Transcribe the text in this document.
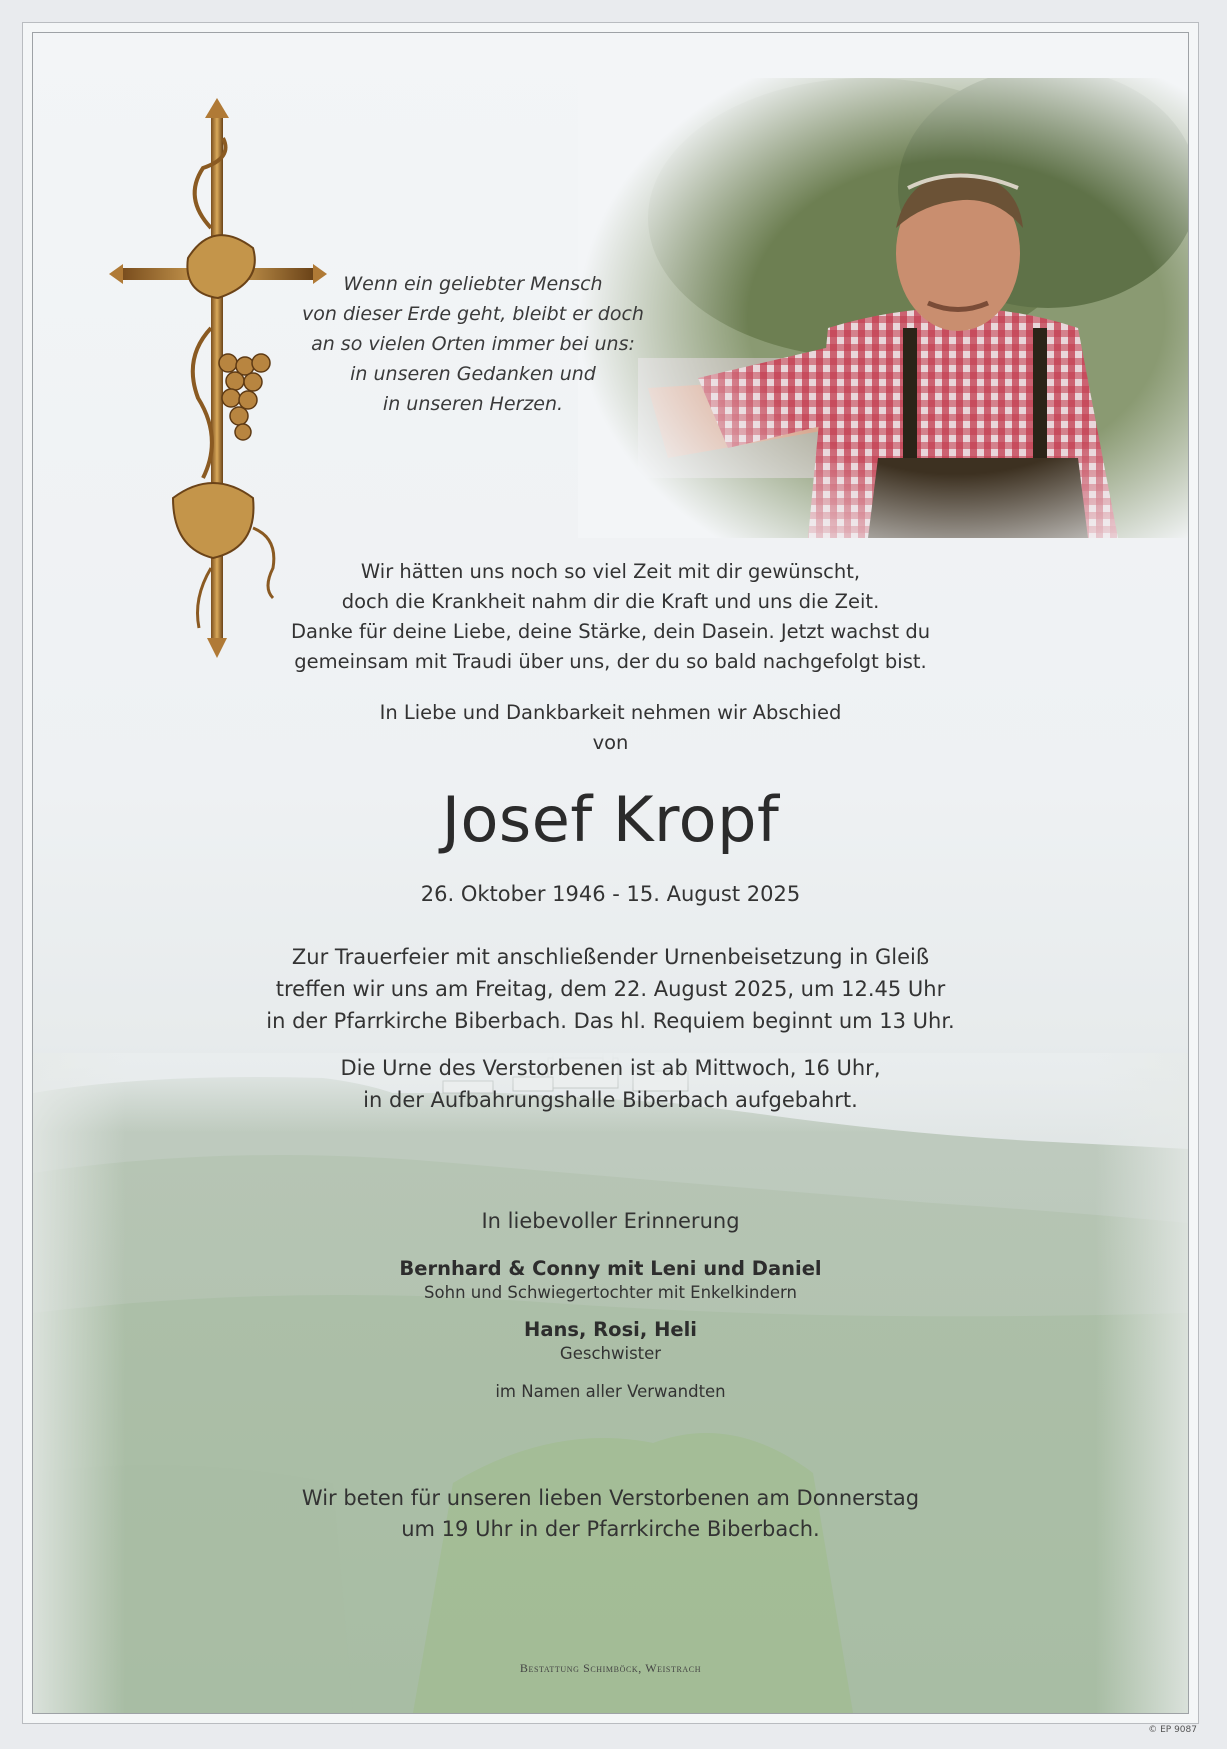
Wenn ein geliebter Mensch
von dieser Erde geht, bleibt er doch
an so vielen Orten immer bei uns:
in unseren Gedanken und
in unseren Herzen.
Wir hätten uns noch so viel Zeit mit dir gewünscht,
doch die Krankheit nahm dir die Kraft und uns die Zeit.
Danke für deine Liebe, deine Stärke, dein Dasein. Jetzt wachst du
gemeinsam mit Traudi über uns, der du so bald nachgefolgt bist.
In Liebe und Dankbarkeit nehmen wir Abschied
von
Josef Kropf
26. Oktober 1946 - 15. August 2025
Zur Trauerfeier mit anschließender Urnenbeisetzung in Gleiß
treffen wir uns am Freitag, dem 22. August 2025, um 12.45 Uhr
in der Pfarrkirche Biberbach. Das hl. Requiem beginnt um 13 Uhr.
Die Urne des Verstorbenen ist ab Mittwoch, 16 Uhr,
in der Aufbahrungshalle Biberbach aufgebahrt.
In liebevoller Erinnerung
Bernhard & Conny mit Leni und Daniel
Sohn und Schwiegertochter mit Enkelkindern
Hans, Rosi, Heli
Geschwister
im Namen aller Verwandten
Wir beten für unseren lieben Verstorbenen am Donnerstag
um 19 Uhr in der Pfarrkirche Biberbach.
Bestattung Schimböck, Weistrach
© EP 9087
